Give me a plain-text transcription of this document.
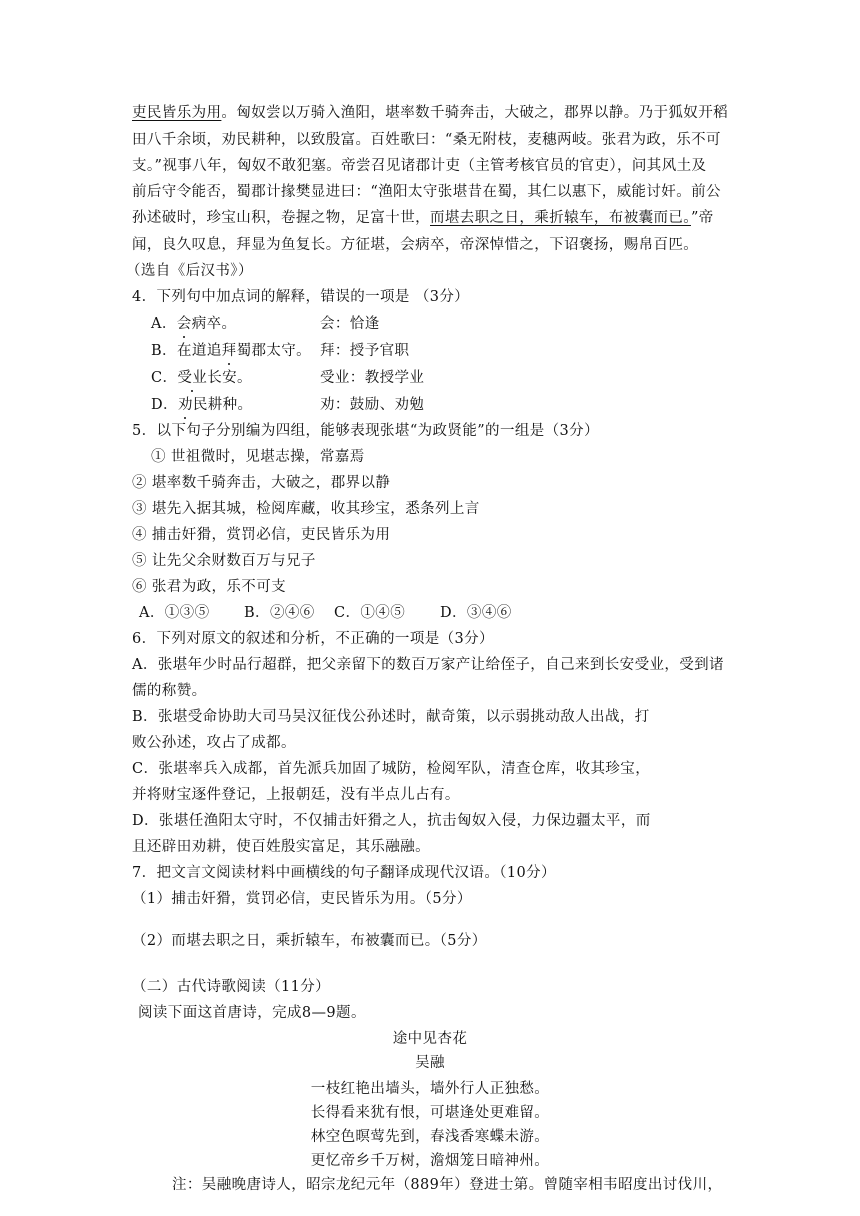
吏民皆乐为用。匈奴尝以万骑入渔阳，堪率数千骑奔击，大破之，郡界以静。乃于狐奴开稻
田八千余顷，劝民耕种，以致殷富。百姓歌曰：“桑无附枝，麦穗两岐。张君为政，乐不可
支。”视事八年，匈奴不敢犯塞。帝尝召见诸郡计吏（主管考核官员的官吏），问其风土及
前后守令能否，蜀郡计掾樊显进曰：“渔阳太守张堪昔在蜀，其仁以惠下，威能讨奸。前公
孙述破时，珍宝山积，卷握之物，足富十世，而堪去职之日，乘折辕车，布被囊而已。”帝
闻，良久叹息，拜显为鱼复长。方征堪，会病卒，帝深悼惜之，下诏褒扬，赐帛百匹。
（选自《后汉书》）
4．下列句中加点词的解释，错误的一项是 （3分）
A．会病卒。	会：恰逢
B．在道追拜蜀郡太守。 拜：授予官职
C．受业长安。	受业：教授学业
D．劝民耕种。	劝：鼓励、劝勉
5．以下句子分别编为四组，能够表现张堪“为政贤能”的一组是（3分）
① 世祖微时，见堪志操，常嘉焉
② 堪率数千骑奔击，大破之，郡界以静
③ 堪先入据其城，检阅库藏，收其珍宝，悉条列上言
④ 捕击奸猾，赏罚必信，吏民皆乐为用
⑤ 让先父余财数百万与兄子
⑥ 张君为政，乐不可支
A．①③⑤ B．②④⑥ C．①④⑤ D．③④⑥
6．下列对原文的叙述和分析，不正确的一项是（3分）
A．张堪年少时品行超群，把父亲留下的数百万家产让给侄子，自己来到长安受业，受到诸
儒的称赞。
B．张堪受命协助大司马吴汉征伐公孙述时，献奇策，以示弱挑动敌人出战，打
败公孙述，攻占了成都。
C．张堪率兵入成都，首先派兵加固了城防，检阅军队，清查仓库，收其珍宝，
并将财宝逐件登记，上报朝廷，没有半点儿占有。
D．张堪任渔阳太守时，不仅捕击奸猾之人，抗击匈奴入侵，力保边疆太平，而
且还辟田劝耕，使百姓殷实富足，其乐融融。
7．把文言文阅读材料中画横线的句子翻译成现代汉语。（10分）
（1）捕击奸猾，赏罚必信，吏民皆乐为用。（5分）
（2）而堪去职之日，乘折辕车，布被囊而已。（5分）
（二）古代诗歌阅读（11分）
阅读下面这首唐诗，完成8—9题。
途中见杏花
吴融
一枝红艳出墙头，墙外行人正独愁。
长得看来犹有恨，可堪逢处更难留。
林空色暝莺先到，春浅香寒蝶未游。
更忆帝乡千万树，澹烟笼日暗神州。
注：吴融晚唐诗人，昭宗龙纪元年（889年）登进士第。曾随宰相韦昭度出讨伐川，
